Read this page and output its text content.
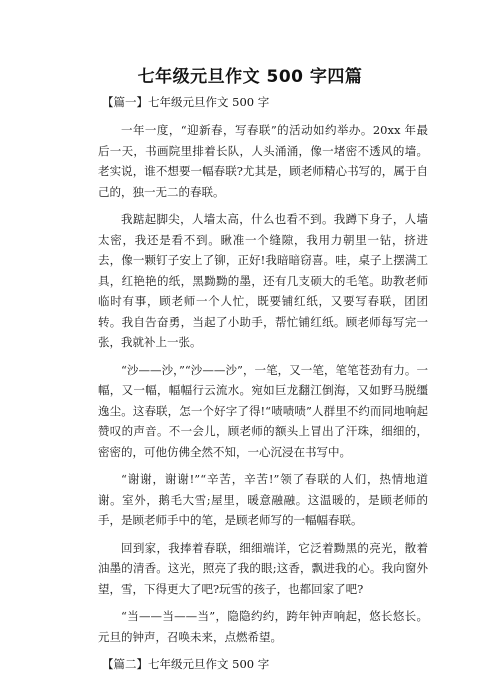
七年级元旦作文 500 字四篇

【篇一】七年级元旦作文 500 字

一年一度，“迎新春，写春联”的活动如约举办。20xx 年最后一天，书画院里排着长队，人头涌涌，像一堵密不透风的墙。老实说，谁不想要一幅春联?尤其是，顾老师精心书写的，属于自己的，独一无二的春联。

我踮起脚尖，人墙太高，什么也看不到。我蹲下身子，人墙太密，我还是看不到。瞅准一个缝隙，我用力朝里一钻，挤进去，像一颗钉子安上了铆，正好!我暗暗窃喜。哇，桌子上摆满工具，红艳艳的纸，黑黝黝的墨，还有几支硕大的毛笔。助教老师临时有事，顾老师一个人忙，既要铺红纸，又要写春联，团团转。我自告奋勇，当起了小助手，帮忙铺红纸。顾老师每写完一张，我就补上一张。

“沙——沙，”“沙——沙”，一笔，又一笔，笔笔苍劲有力。一幅，又一幅，幅幅行云流水。宛如巨龙翻江倒海，又如野马脱缰逸尘。这春联，怎一个好字了得!“啧啧啧”人群里不约而同地响起赞叹的声音。不一会儿，顾老师的额头上冒出了汗珠，细细的，密密的，可他仿佛全然不知，一心沉浸在书写中。

“谢谢，谢谢!”“辛苦，辛苦!”领了春联的人们，热情地道谢。室外，鹅毛大雪;屋里，暖意融融。这温暖的，是顾老师的手，是顾老师手中的笔，是顾老师写的一幅幅春联。

回到家，我捧着春联，细细端详，它泛着黝黑的亮光，散着油墨的清香。这光，照亮了我的眼;这香，飘进我的心。我向窗外望，雪，下得更大了吧?玩雪的孩子，也都回家了吧?

“当——当——当”，隐隐约约，跨年钟声响起，悠长悠长。元旦的钟声，召唤未来，点燃希望。

【篇二】七年级元旦作文 500 字
